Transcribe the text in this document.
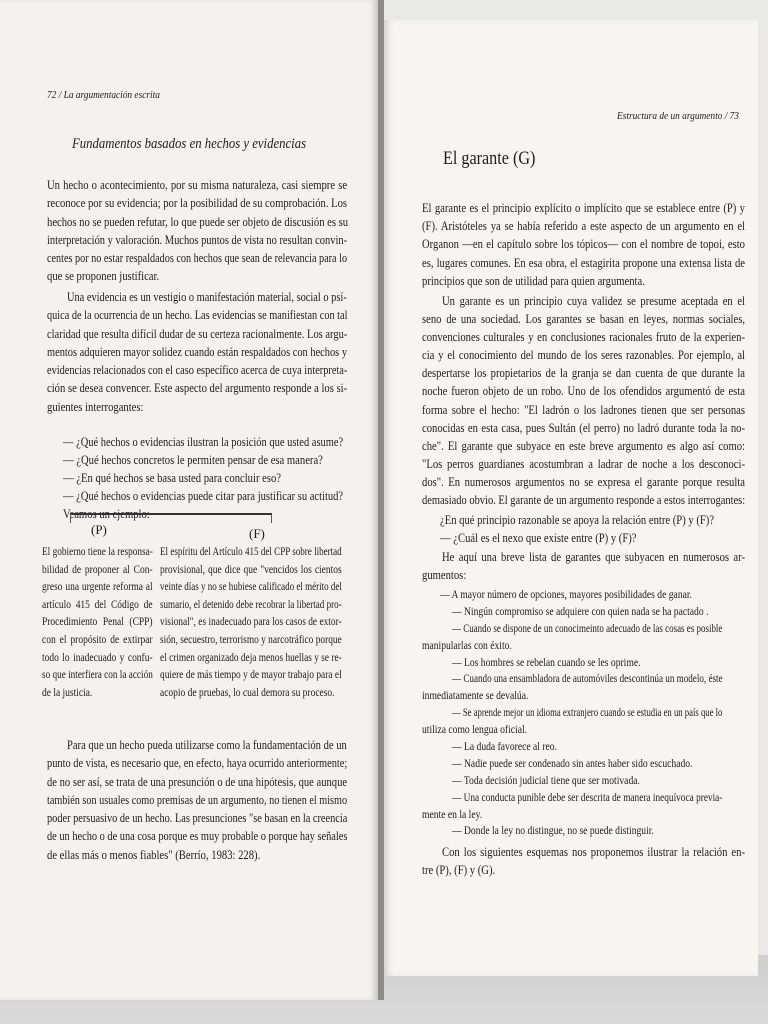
72 / La argumentación escrita
Fundamentos basados en hechos y evidencias
Un hecho o acontecimiento, por su misma naturaleza, casi siempre se
reconoce por su evidencia; por la posibilidad de su comprobación. Los
hechos no se pueden refutar, lo que puede ser objeto de discusión es su
interpretación y valoración. Muchos puntos de vista no resultan convin-
centes por no estar respaldados con hechos que sean de relevancia para lo
que se proponen justificar.
Una evidencia es un vestigio o manifestación material, social o psí-
quica de la ocurrencia de un hecho. Las evidencias se manifiestan con tal
claridad que resulta difícil dudar de su certeza racionalmente. Los argu-
mentos adquieren mayor solidez cuando están respaldados con hechos y
evidencias relacionados con el caso específico acerca de cuya interpreta-
ción se desea convencer. Este aspecto del argumento responde a los si-
guientes interrogantes:
— ¿Qué hechos o evidencias ilustran la posición que usted asume?
— ¿Qué hechos concretos le permiten pensar de esa manera?
— ¿En qué hechos se basa usted para concluir eso?
— ¿Qué hechos o evidencias puede citar para justificar su actitud?
Veamos un ejemplo:
(P)	(F)
El gobierno tiene la responsa-
bilidad de proponer al Con-
greso una urgente reforma al
artículo 415 del Código de
Procedimiento Penal (CPP)
con el propósito de extirpar
todo lo inadecuado y confu-
so que interfiera con la acción
de la justicia.
El espíritu del Artículo 415 del CPP sobre libertad
provisional, que dice que "vencidos los cientos
veinte días y no se hubiese calificado el mérito del
sumario, el detenido debe recobrar la libertad pro-
visional", es inadecuado para los casos de extor-
sión, secuestro, terrorismo y narcotráfico porque
el crimen organizado deja menos huellas y se re-
quiere de más tiempo y de mayor trabajo para el
acopio de pruebas, lo cual demora su proceso.
Para que un hecho pueda utilizarse como la fundamentación de un
punto de vista, es necesario que, en efecto, haya ocurrido anteriormente;
de no ser así, se trata de una presunción o de una hipótesis, que aunque
también son usuales como premisas de un argumento, no tienen el mismo
poder persuasivo de un hecho. Las presunciones "se basan en la creencia
de un hecho o de una cosa porque es muy probable o porque hay señales
de ellas más o menos fiables" (Berrío, 1983: 228).
Estructura de un argumento / 73
El garante (G)
El garante es el principio explícito o implícito que se establece entre (P) y
(F). Aristóteles ya se había referido a este aspecto de un argumento en el
Organon —en el capítulo sobre los tópicos— con el nombre de topoi, esto
es, lugares comunes. En esa obra, el estagirita propone una extensa lista de
principios que son de utilidad para quien argumenta.
Un garante es un principio cuya validez se presume aceptada en el
seno de una sociedad. Los garantes se basan en leyes, normas sociales,
convenciones culturales y en conclusiones racionales fruto de la experien-
cia y el conocimiento del mundo de los seres razonables. Por ejemplo, al
despertarse los propietarios de la granja se dan cuenta de que durante la
noche fueron objeto de un robo. Uno de los ofendidos argumentó de esta
forma sobre el hecho: "El ladrón o los ladrones tienen que ser personas
conocidas en esta casa, pues Sultán (el perro) no ladró durante toda la no-
che". El garante que subyace en este breve argumento es algo así como:
"Los perros guardianes acostumbran a ladrar de noche a los desconoci-
dos". En numerosos argumentos no se expresa el garante porque resulta
demasiado obvio. El garante de un argumento responde a estos interrogantes:
¿En qué principio razonable se apoya la relación entre (P) y (F)?
— ¿Cuál es el nexo que existe entre (P) y (F)?
He aquí una breve lista de garantes que subyacen en numerosos ar-
gumentos:
— A mayor número de opciones, mayores posibilidades de ganar.
— Ningún compromiso se adquiere con quien nada se ha pactado .
— Cuando se dispone de un conocimeinto adecuado de las cosas es posible
manipularlas con éxito.
— Los hombres se rebelan cuando se les oprime.
— Cuando una ensambladora de automóviles descontinúa un modelo, éste
inmediatamente se devalúa.
— Se aprende mejor un idioma extranjero cuando se estudia en un país que lo
utiliza como lengua oficial.
— La duda favorece al reo.
— Nadie puede ser condenado sin antes haber sido escuchado.
— Toda decisión judicial tiene que ser motivada.
— Una conducta punible debe ser descrita de manera inequívoca previa-
mente en la ley.
— Donde la ley no distingue, no se puede distinguir.
Con los siguientes esquemas nos proponemos ilustrar la relación en-
tre (P), (F) y (G).
